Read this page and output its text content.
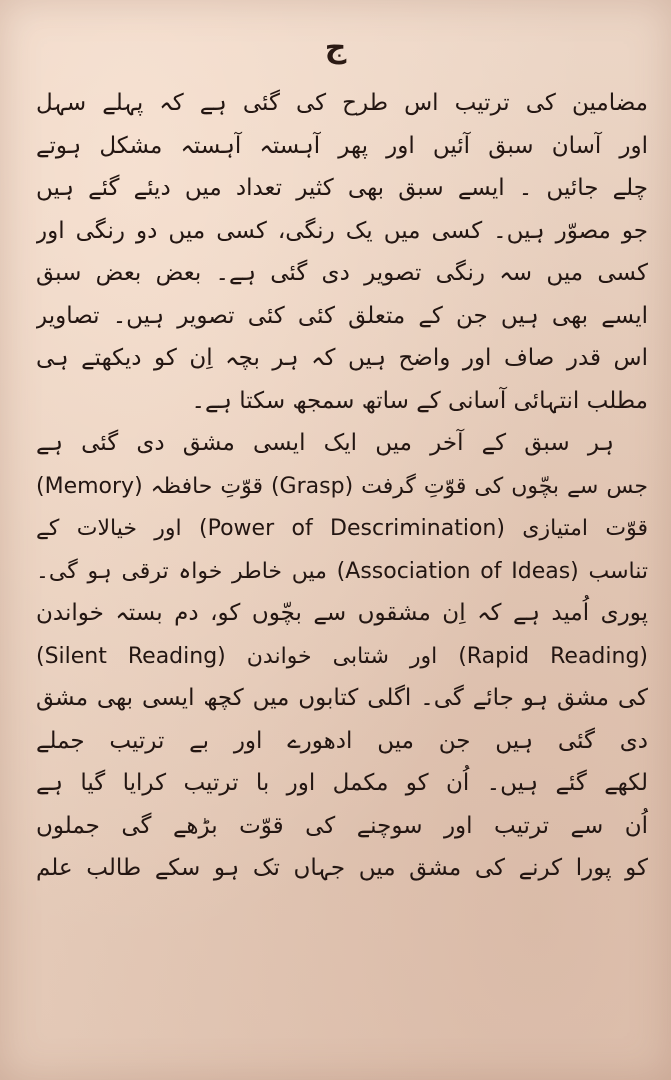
ج
مضامین کی ترتیب اس طرح کی گئی ہے کہ پہلے سہل
اور آسان سبق آئیں اور پھر آہستہ آہستہ مشکل ہوتے
چلے جائیں ۔ ایسے سبق بھی کثیر تعداد میں دیئے گئے ہیں
جو مصوّر ہیں۔ کسی میں یک رنگی، کسی میں دو رنگی اور
کسی میں سہ رنگی تصویر دی گئی ہے۔ بعض بعض سبق
ایسے بھی ہیں جن کے متعلق کئی کئی تصویر ہیں۔ تصاویر
اس قدر صاف اور واضح ہیں کہ ہر بچہ اِن کو دیکھتے ہی
مطلب انتہائی آسانی کے ساتھ سمجھ سکتا ہے۔
ہر سبق کے آخر میں ایک ایسی مشق دی گئی ہے
جس سے بچّوں کی قوّتِ گرفت (Grasp) قوّتِ حافظہ (Memory)
قوّت امتیازی (Power of Descrimination) اور خیالات کے
تناسب (Association of Ideas) میں خاطر خواہ ترقی ہو گی۔
پوری اُمید ہے کہ اِن مشقوں سے بچّوں کو، دم بستہ خواندن
(Silent Reading) اور شتابی خواندن (Rapid Reading)
کی مشق ہو جائے گی۔ اگلی کتابوں میں کچھ ایسی بھی مشق
دی گئی ہیں جن میں ادھورے اور بے ترتیب جملے
لکھے گئے ہیں۔ اُن کو مکمل اور با ترتیب کرایا گیا ہے
اُن سے ترتیب اور سوچنے کی قوّت بڑھے گی جملوں
کو پورا کرنے کی مشق میں جہاں تک ہو سکے طالب علم
